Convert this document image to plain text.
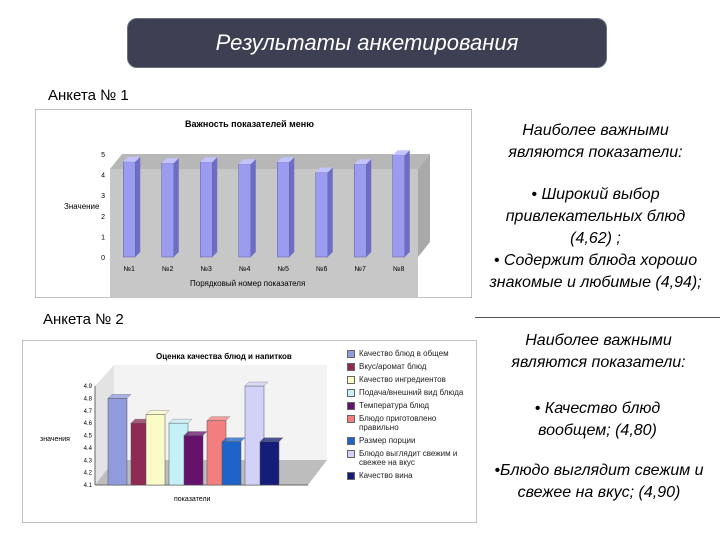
Результаты анкетирования
Анкета № 1
Важность показателей меню
Значение
Порядковый номер показателя
0
1
2
3
4
5
№1	№2	№3	№4	№5	№6	№7	№8
Анкета № 2
Оценка качества блюд и напитков
значения
показатели
4.1
4.2
4.3
4.4
4.5
4.6
4.7
4.8
4.9
Качество блюд в общем
Вкус/аромат блюд
Качество ингредиентов
Подача/внешний вид блюда
Температура блюд
Блюдо приготовлено правильно
Размер порции
Блюдо выглядит свежим и свежее на вкус
Качество вина
Наиболее важными являются показатели:
• Широкий выбор привлекательных блюд (4,62) ;
• Содержит блюда хорошо знакомые и любимые (4,94);
Наиболее важными являются показатели:
• Качество блюд вообщем; (4,80)
•Блюдо выглядит свежим и свежее на вкус; (4,90)
